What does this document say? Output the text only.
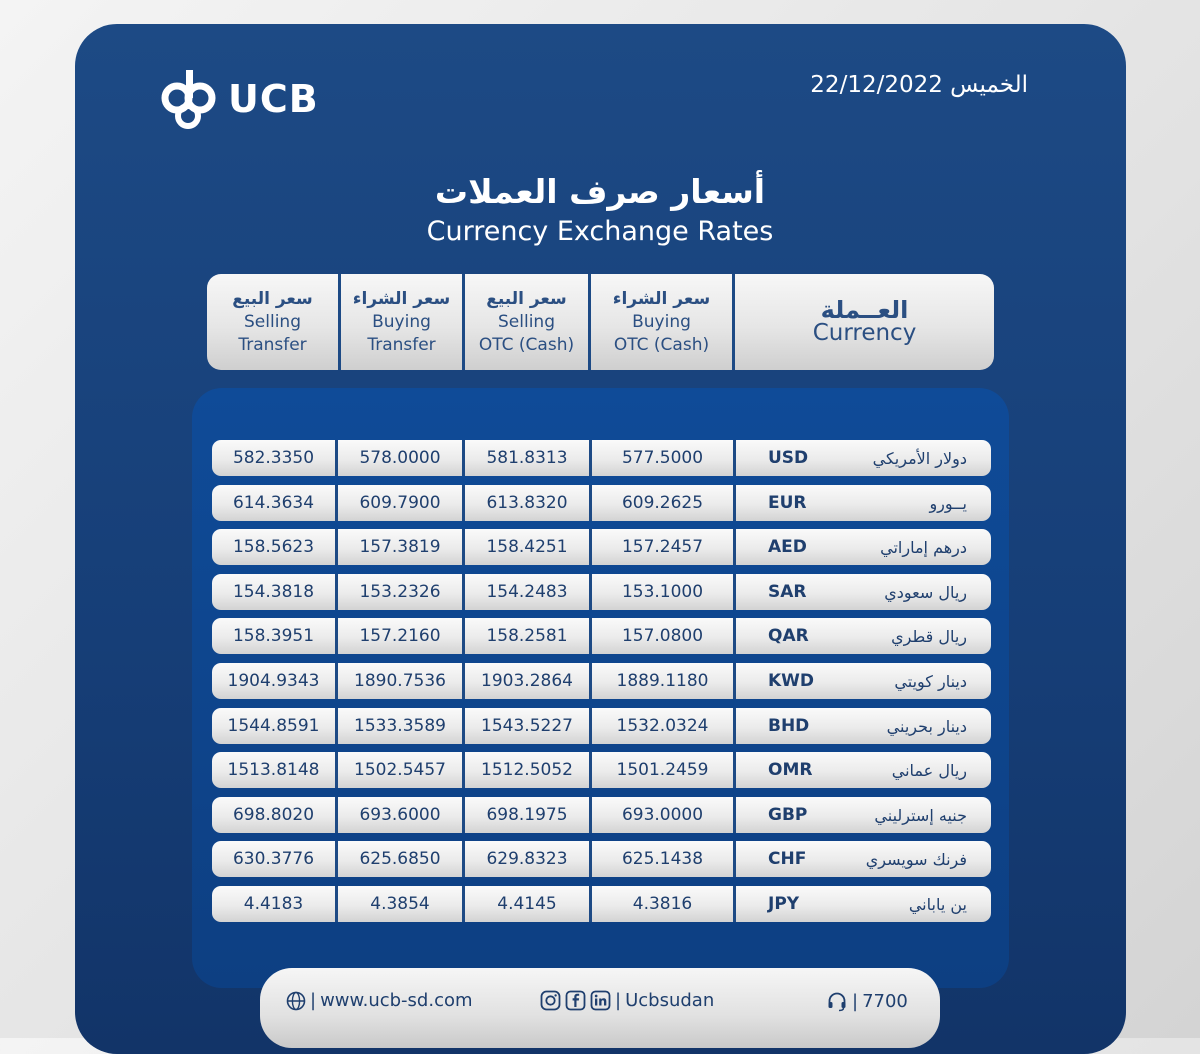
UCB	الخميس 22/12/2022
أسعار صرف العملات
Currency Exchange Rates
سعر البيع
Selling
Transfer
سعر الشراء
Buying
Transfer
سعر البيع
Selling
OTC (Cash)
سعر الشراء
Buying
OTC (Cash)
العــملة
Currency
582.3350	578.0000	581.8313	577.5000	USD	دولار الأمريكي
614.3634	609.7900	613.8320	609.2625	EUR	يــورو
158.5623	157.3819	158.4251	157.2457	AED	درهم إماراتي
154.3818	153.2326	154.2483	153.1000	SAR	ريال سعودي
158.3951	157.2160	158.2581	157.0800	QAR	ريال قطري
1904.9343	1890.7536	1903.2864	1889.1180	KWD	دينار كويتي
1544.8591	1533.3589	1543.5227	1532.0324	BHD	دينار بحريني
1513.8148	1502.5457	1512.5052	1501.2459	OMR	ريال عماني
698.8020	693.6000	698.1975	693.0000	GBP	جنيه إسترليني
630.3776	625.6850	629.8323	625.1438	CHF	فرنك سويسري
4.4183	4.3854	4.4145	4.3816	JPY	ين ياباني
| www.ucb-sd.com	| Ucbsudan	| 7700
